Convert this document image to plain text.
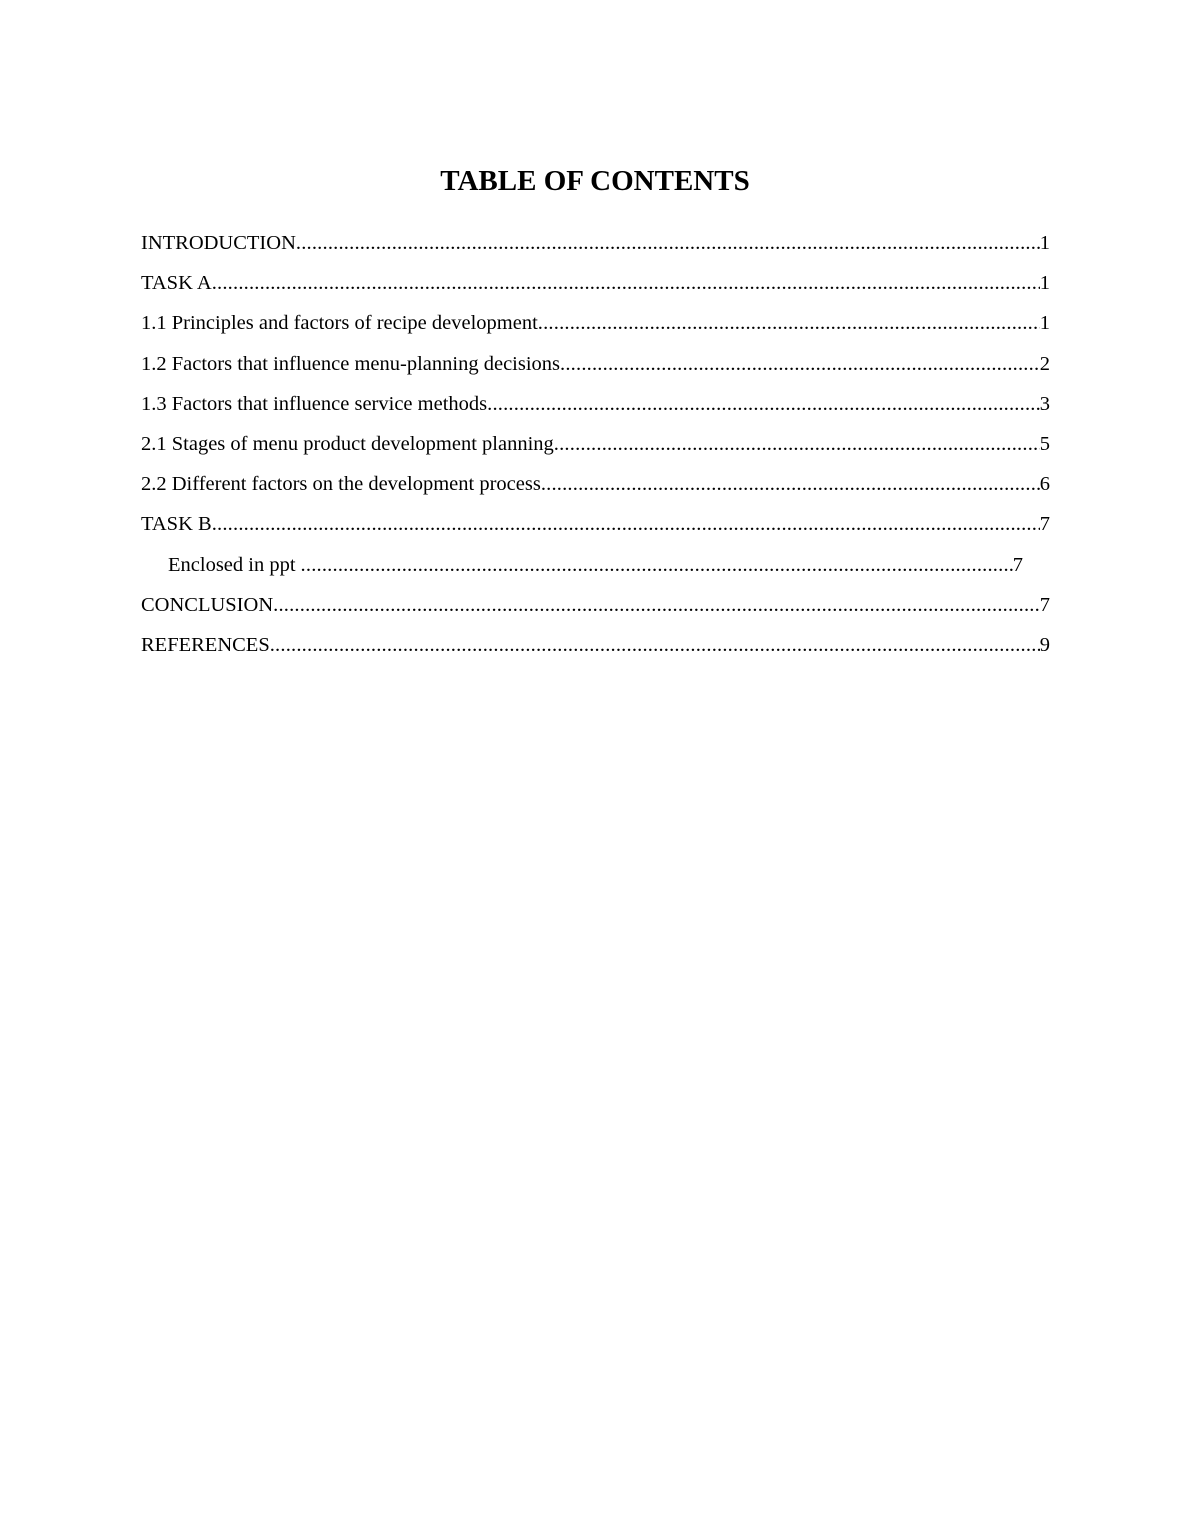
TABLE OF CONTENTS
INTRODUCTION .....	1
TASK A .....	1
1.1 Principles and factors of recipe development .....	1
1.2 Factors that influence menu-planning decisions .....	2
1.3 Factors that influence service methods .....	3
2.1 Stages of menu product development planning .....	5
2.2 Different factors on the development process .....	6
TASK B .....	7
Enclosed in ppt .....	7
CONCLUSION .....	7
REFERENCES .....	9
